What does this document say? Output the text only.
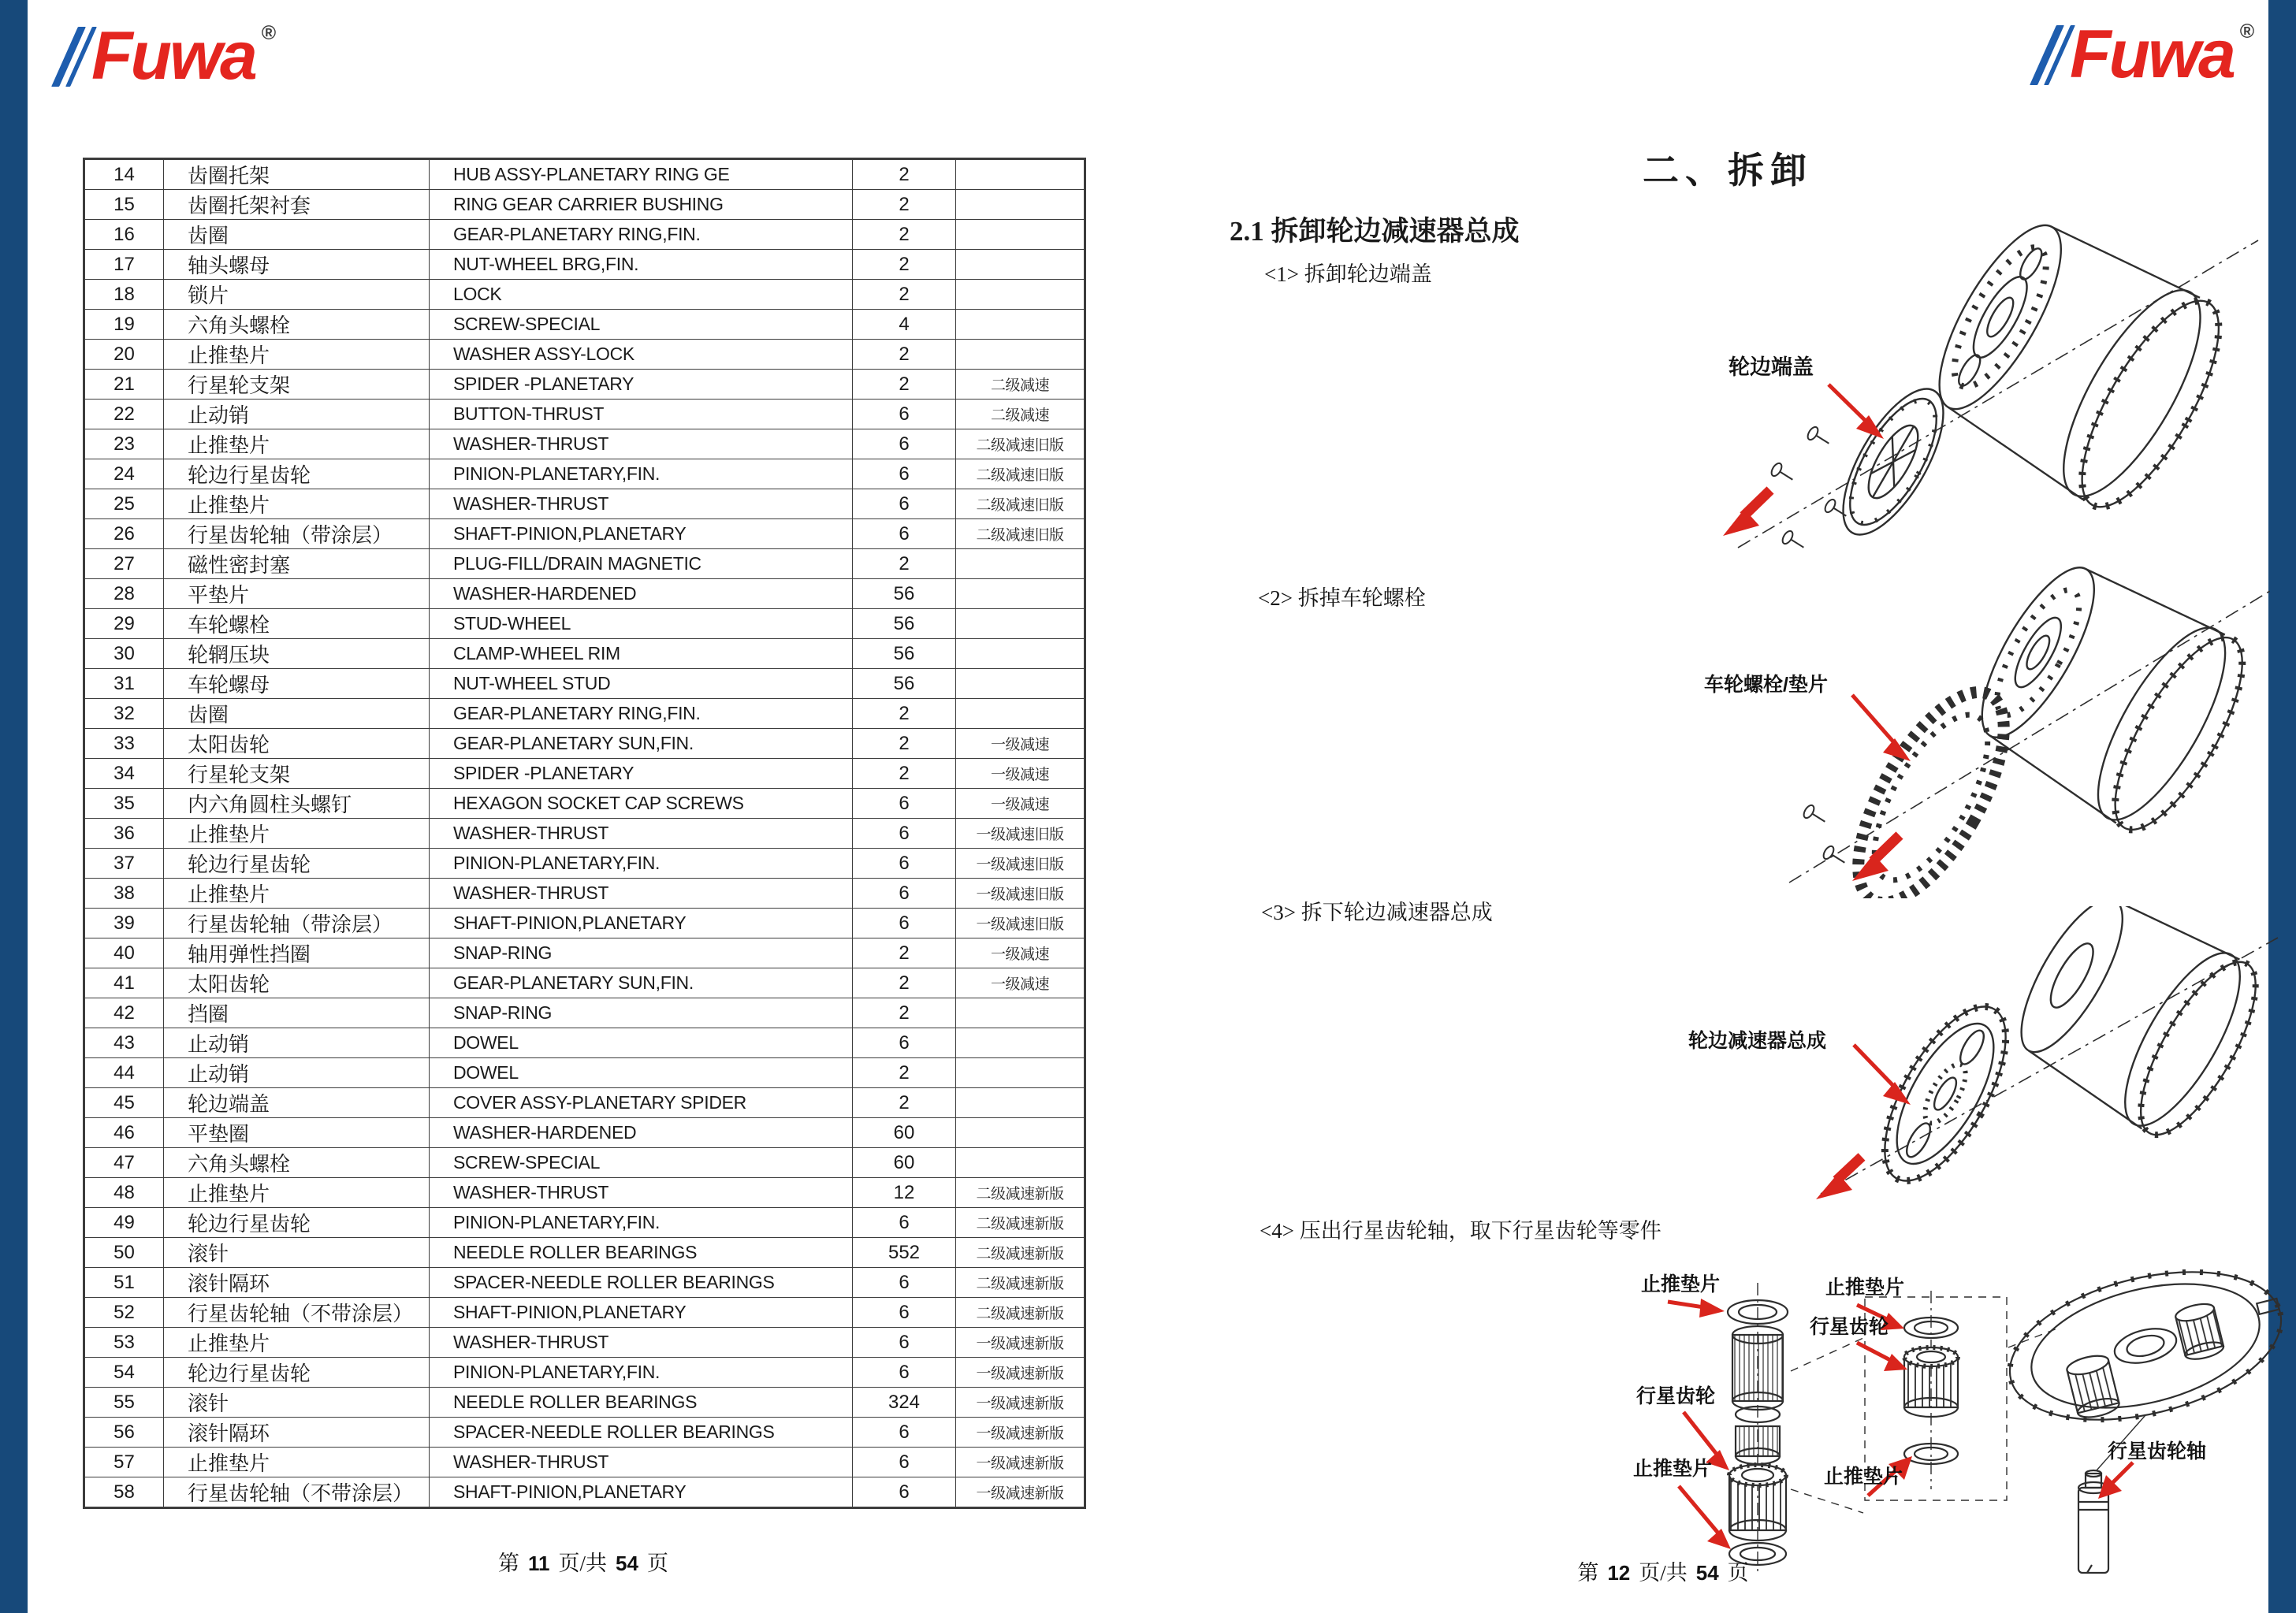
Fuwa ®
14	齿圈托架	HUB ASSY-PLANETARY RING GE	2	
15	齿圈托架衬套	RING GEAR CARRIER BUSHING	2	
16	齿圈	GEAR-PLANETARY RING,FIN.	2	
17	轴头螺母	NUT-WHEEL BRG,FIN.	2	
18	锁片	LOCK	2	
19	六角头螺栓	SCREW-SPECIAL	4	
20	止推垫片	WASHER ASSY-LOCK	2	
21	行星轮支架	SPIDER -PLANETARY	2	二级减速
22	止动销	BUTTON-THRUST	6	二级减速
23	止推垫片	WASHER-THRUST	6	二级减速旧版
24	轮边行星齿轮	PINION-PLANETARY,FIN.	6	二级减速旧版
25	止推垫片	WASHER-THRUST	6	二级减速旧版
26	行星齿轮轴（带涂层）	SHAFT-PINION,PLANETARY	6	二级减速旧版
27	磁性密封塞	PLUG-FILL/DRAIN MAGNETIC	2	
28	平垫片	WASHER-HARDENED	56	
29	车轮螺栓	STUD-WHEEL	56	
30	轮辋压块	CLAMP-WHEEL RIM	56	
31	车轮螺母	NUT-WHEEL STUD	56	
32	齿圈	GEAR-PLANETARY RING,FIN.	2	
33	太阳齿轮	GEAR-PLANETARY SUN,FIN.	2	一级减速
34	行星轮支架	SPIDER -PLANETARY	2	一级减速
35	内六角圆柱头螺钉	HEXAGON SOCKET CAP SCREWS	6	一级减速
36	止推垫片	WASHER-THRUST	6	一级减速旧版
37	轮边行星齿轮	PINION-PLANETARY,FIN.	6	一级减速旧版
38	止推垫片	WASHER-THRUST	6	一级减速旧版
39	行星齿轮轴（带涂层）	SHAFT-PINION,PLANETARY	6	一级减速旧版
40	轴用弹性挡圈	SNAP-RING	2	一级减速
41	太阳齿轮	GEAR-PLANETARY SUN,FIN.	2	一级减速
42	挡圈	SNAP-RING	2	
43	止动销	DOWEL	6	
44	止动销	DOWEL	2	
45	轮边端盖	COVER ASSY-PLANETARY SPIDER	2	
46	平垫圈	WASHER-HARDENED	60	
47	六角头螺栓	SCREW-SPECIAL	60	
48	止推垫片	WASHER-THRUST	12	二级减速新版
49	轮边行星齿轮	PINION-PLANETARY,FIN.	6	二级减速新版
50	滚针	NEEDLE ROLLER BEARINGS	552	二级减速新版
51	滚针隔环	SPACER-NEEDLE ROLLER BEARINGS	6	二级减速新版
52	行星齿轮轴（不带涂层）	SHAFT-PINION,PLANETARY	6	二级减速新版
53	止推垫片	WASHER-THRUST	6	一级减速新版
54	轮边行星齿轮	PINION-PLANETARY,FIN.	6	一级减速新版
55	滚针	NEEDLE ROLLER BEARINGS	324	一级减速新版
56	滚针隔环	SPACER-NEEDLE ROLLER BEARINGS	6	一级减速新版
57	止推垫片	WASHER-THRUST	6	一级减速新版
58	行星齿轮轴（不带涂层）	SHAFT-PINION,PLANETARY	6	一级减速新版
第 11 页/共 54 页
Fuwa ®
二、拆卸
2.1 拆卸轮边减速器总成
<1> 拆卸轮边端盖
<2> 拆掉车轮螺栓
<3> 拆下轮边减速器总成
<4> 压出行星齿轮轴，取下行星齿轮等零件
轮边端盖
车轮螺栓/垫片
轮边减速器总成
止推垫片	止推垫片
行星齿轮
行星齿轮
止推垫片	止推垫片
行星齿轮轴
第 12 页/共 54 页
